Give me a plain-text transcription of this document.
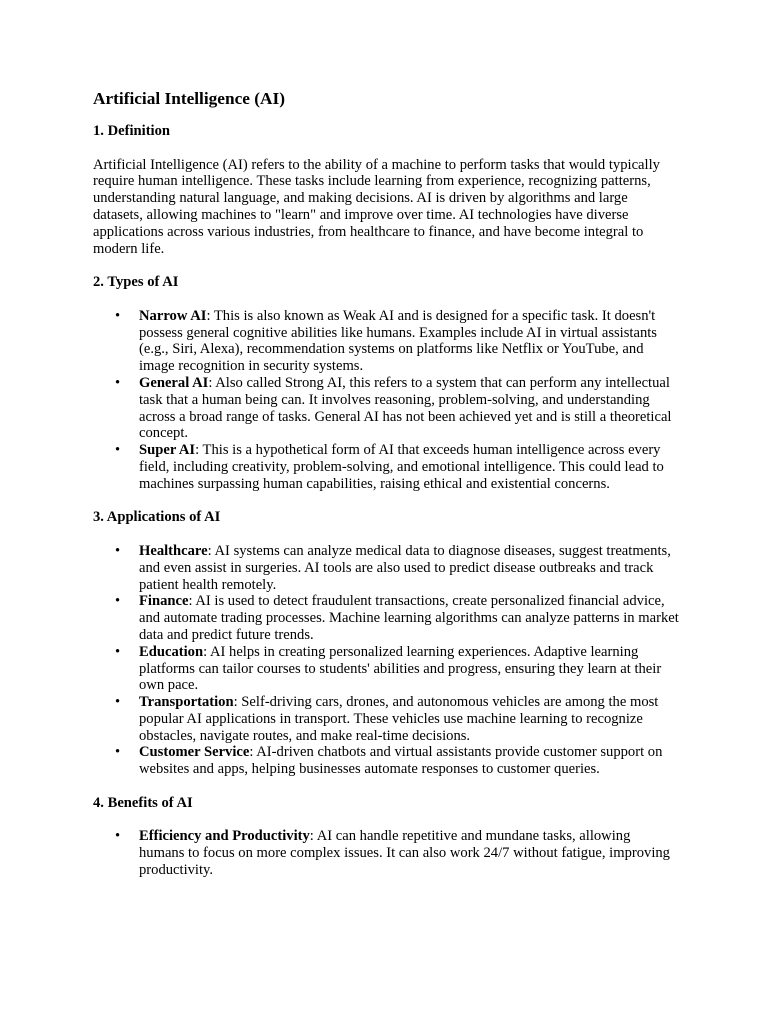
Artificial Intelligence (AI)
1. Definition

Artificial Intelligence (AI) refers to the ability of a machine to perform tasks that would typically require human intelligence. These tasks include learning from experience, recognizing patterns, understanding natural language, and making decisions. AI is driven by algorithms and large datasets, allowing machines to "learn" and improve over time. AI technologies have diverse applications across various industries, from healthcare to finance, and have become integral to modern life.

2. Types of AI
• Narrow AI: This is also known as Weak AI and is designed for a specific task. It doesn't possess general cognitive abilities like humans. Examples include AI in virtual assistants (e.g., Siri, Alexa), recommendation systems on platforms like Netflix or YouTube, and image recognition in security systems.
• General AI: Also called Strong AI, this refers to a system that can perform any intellectual task that a human being can. It involves reasoning, problem-solving, and understanding across a broad range of tasks. General AI has not been achieved yet and is still a theoretical concept.
• Super AI: This is a hypothetical form of AI that exceeds human intelligence across every field, including creativity, problem-solving, and emotional intelligence. This could lead to machines surpassing human capabilities, raising ethical and existential concerns.
3. Applications of AI
• Healthcare: AI systems can analyze medical data to diagnose diseases, suggest treatments, and even assist in surgeries. AI tools are also used to predict disease outbreaks and track patient health remotely.
• Finance: AI is used to detect fraudulent transactions, create personalized financial advice, and automate trading processes. Machine learning algorithms can analyze patterns in market data and predict future trends.
• Education: AI helps in creating personalized learning experiences. Adaptive learning platforms can tailor courses to students' abilities and progress, ensuring they learn at their own pace.
• Transportation: Self-driving cars, drones, and autonomous vehicles are among the most popular AI applications in transport. These vehicles use machine learning to recognize obstacles, navigate routes, and make real-time decisions.
• Customer Service: AI-driven chatbots and virtual assistants provide customer support on websites and apps, helping businesses automate responses to customer queries.
4. Benefits of AI
• Efficiency and Productivity: AI can handle repetitive and mundane tasks, allowing humans to focus on more complex issues. It can also work 24/7 without fatigue, improving productivity.
